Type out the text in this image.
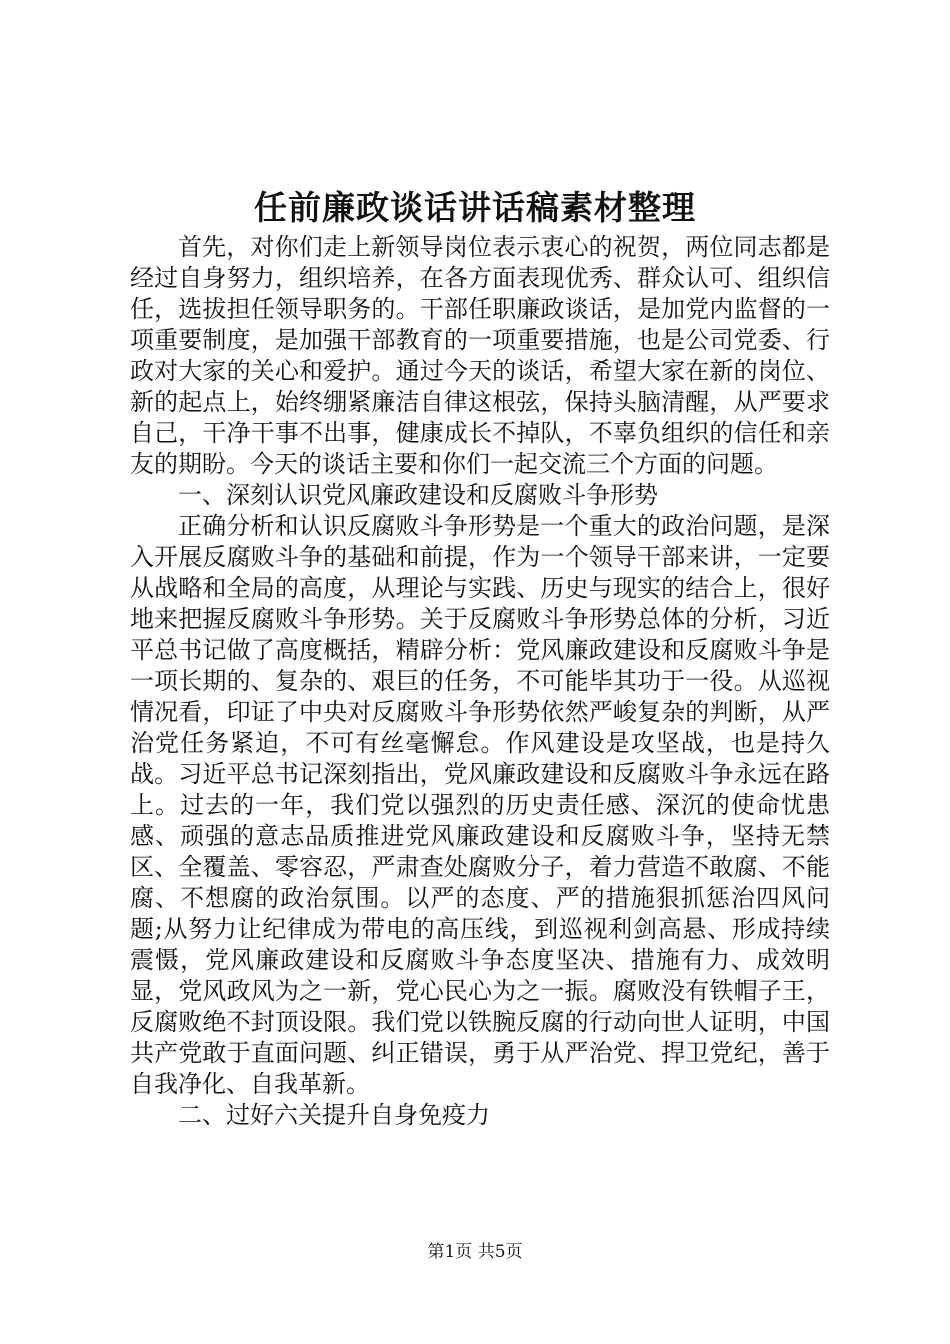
任前廉政谈话讲话稿素材整理

首先，对你们走上新领导岗位表示衷心的祝贺，两位同志都是经过自身努力，组织培养，在各方面表现优秀、群众认可、组织信任，选拔担任领导职务的。干部任职廉政谈话，是加党内监督的一项重要制度，是加强干部教育的一项重要措施，也是公司党委、行政对大家的关心和爱护。通过今天的谈话，希望大家在新的岗位、新的起点上，始终绷紧廉洁自律这根弦，保持头脑清醒，从严要求自己，干净干事不出事，健康成长不掉队，不辜负组织的信任和亲友的期盼。今天的谈话主要和你们一起交流三个方面的问题。

一、深刻认识党风廉政建设和反腐败斗争形势

正确分析和认识反腐败斗争形势是一个重大的政治问题，是深入开展反腐败斗争的基础和前提，作为一个领导干部来讲，一定要从战略和全局的高度，从理论与实践、历史与现实的结合上，很好地来把握反腐败斗争形势。关于反腐败斗争形势总体的分析，习近平总书记做了高度概括，精辟分析：党风廉政建设和反腐败斗争是一项长期的、复杂的、艰巨的任务，不可能毕其功于一役。从巡视情况看，印证了中央对反腐败斗争形势依然严峻复杂的判断，从严治党任务紧迫，不可有丝毫懈怠。作风建设是攻坚战，也是持久战。习近平总书记深刻指出，党风廉政建设和反腐败斗争永远在路上。过去的一年，我们党以强烈的历史责任感、深沉的使命忧患感、顽强的意志品质推进党风廉政建设和反腐败斗争，坚持无禁区、全覆盖、零容忍，严肃查处腐败分子，着力营造不敢腐、不能腐、不想腐的政治氛围。以严的态度、严的措施狠抓惩治四风问题;从努力让纪律成为带电的高压线，到巡视利剑高悬、形成持续震慑，党风廉政建设和反腐败斗争态度坚决、措施有力、成效明显，党风政风为之一新，党心民心为之一振。腐败没有铁帽子王，反腐败绝不封顶设限。我们党以铁腕反腐的行动向世人证明，中国共产党敢于直面问题、纠正错误，勇于从严治党、捍卫党纪，善于自我净化、自我革新。

二、过好六关提升自身免疫力

第1页 共5页
